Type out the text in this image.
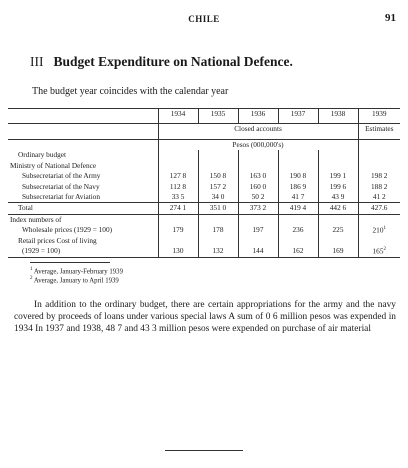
CHILE	91
III Budget Expenditure on National Defence.
The budget year coincides with the calendar year
	1934	1935	1936	1937	1938	1939
	Closed accounts					Estimates
	Pesos (000,000's)					
Ordinary budget						
Ministry of National Defence						
Subsecretariat of the Army	127 8	150 8	163 0	190 8	199 1	198 2
Subsecretariat of the Navy	112 8	157 2	160 0	186 9	199 6	188 2
Subsecretariat for Aviation	33 5	34 0	50 2	41 7	43 9	41 2
Total	274 1	351 0	373 2	419 4	442 6	427.6
Index numbers of						
Wholesale prices (1929 = 100)	179	178	197	236	225	$210^1$
Retail prices Cost of living						
(1929 = 100)	130	132	144	162	169	$165^2$
$^1$ Average, January-February 1939
$^2$ Average, January to April 1939
In addition to the ordinary budget, there are certain appropriations for the army and the navy covered by proceeds of loans under various special laws A sum of 0 6 million pesos was expended in 1934 In 1937 and 1938, 48 7 and 43 3 million pesos were expended on purchase of air material
